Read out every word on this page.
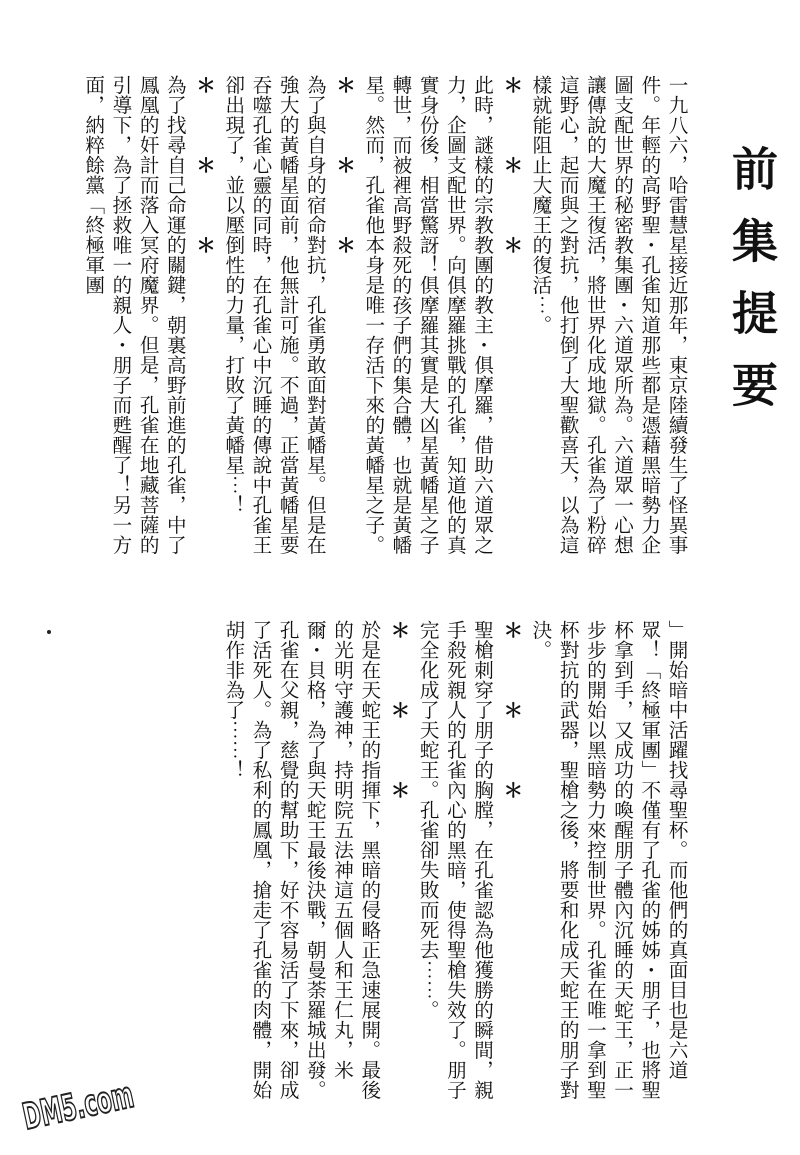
前集提要
一九八六，哈雷慧星接近那年，東京陸續發生了怪異事件。年輕的高野聖・孔雀知道那些都是憑藉黑暗勢力企圖支配世界的秘密教集團・六道眾所為。六道眾一心想讓傳說的大魔王復活，將世界化成地獄。孔雀為了粉碎這野心，起而與之對抗，他打倒了大聖歡喜天，以為這樣就能阻止大魔王的復活⋯。
＊　　　＊　　　＊
此時，謎樣的宗教教團的教主・俱摩羅，借助六道眾之力，企圖支配世界。向俱摩羅挑戰的孔雀，知道他的真實身份後，相當驚訝！俱摩羅其實是大凶星黃幡星之子轉世，而被裡高野殺死的孩子們的集合體，也就是黃幡星。然而，孔雀他本身是唯一存活下來的黃幡星之子。
＊　　　＊　　　＊
為了與自身的宿命對抗，孔雀勇敢面對黃幡星。但是在強大的黃幡星面前，他無計可施。不過，正當黃幡星要吞噬孔雀心靈的同時，在孔雀心中沉睡的傳說中孔雀王卻出現了，並以壓倒性的力量，打敗了黃幡星⋯！
＊　　　＊　　　＊
為了找尋自己命運的關鍵，朝裏高野前進的孔雀，中了鳳凰的奸計而落入冥府魔界。但是，孔雀在地藏菩薩的引導下，為了拯救唯一的親人・朋子而甦醒了！另一方面，納粹餘黨「終極軍團
」開始暗中活躍找尋聖杯。而他們的真面目也是六道眾！「終極軍團」不僅有了孔雀的姊姊・朋子，也將聖杯拿到手，又成功的喚醒朋子體內沉睡的天蛇王，正一步步的開始以黑暗勢力來控制世界。孔雀在唯一拿到聖杯對抗的武器，聖槍之後，將要和化成天蛇王的朋子對決。
＊　　　＊　　　＊
聖槍刺穿了朋子的胸膛，在孔雀認為他獲勝的瞬間，親手殺死親人的孔雀內心的黑暗，使得聖槍失效了。朋子完全化成了天蛇王。孔雀卻失敗而死去⋯⋯。
＊　　　＊　　　＊
於是在天蛇王的指揮下，黑暗的侵略正急速展開。最後的光明守護神，持明院五法神這五個人和王仁丸，米爾・貝格，為了與天蛇王最後決戰，朝曼荼羅城出發。孔雀在父親，慈覺的幫助下，好不容易活了下來，卻成了活死人。為了私利的鳳凰，搶走了孔雀的肉體，開始胡作非為了⋯⋯！
DM5.com
